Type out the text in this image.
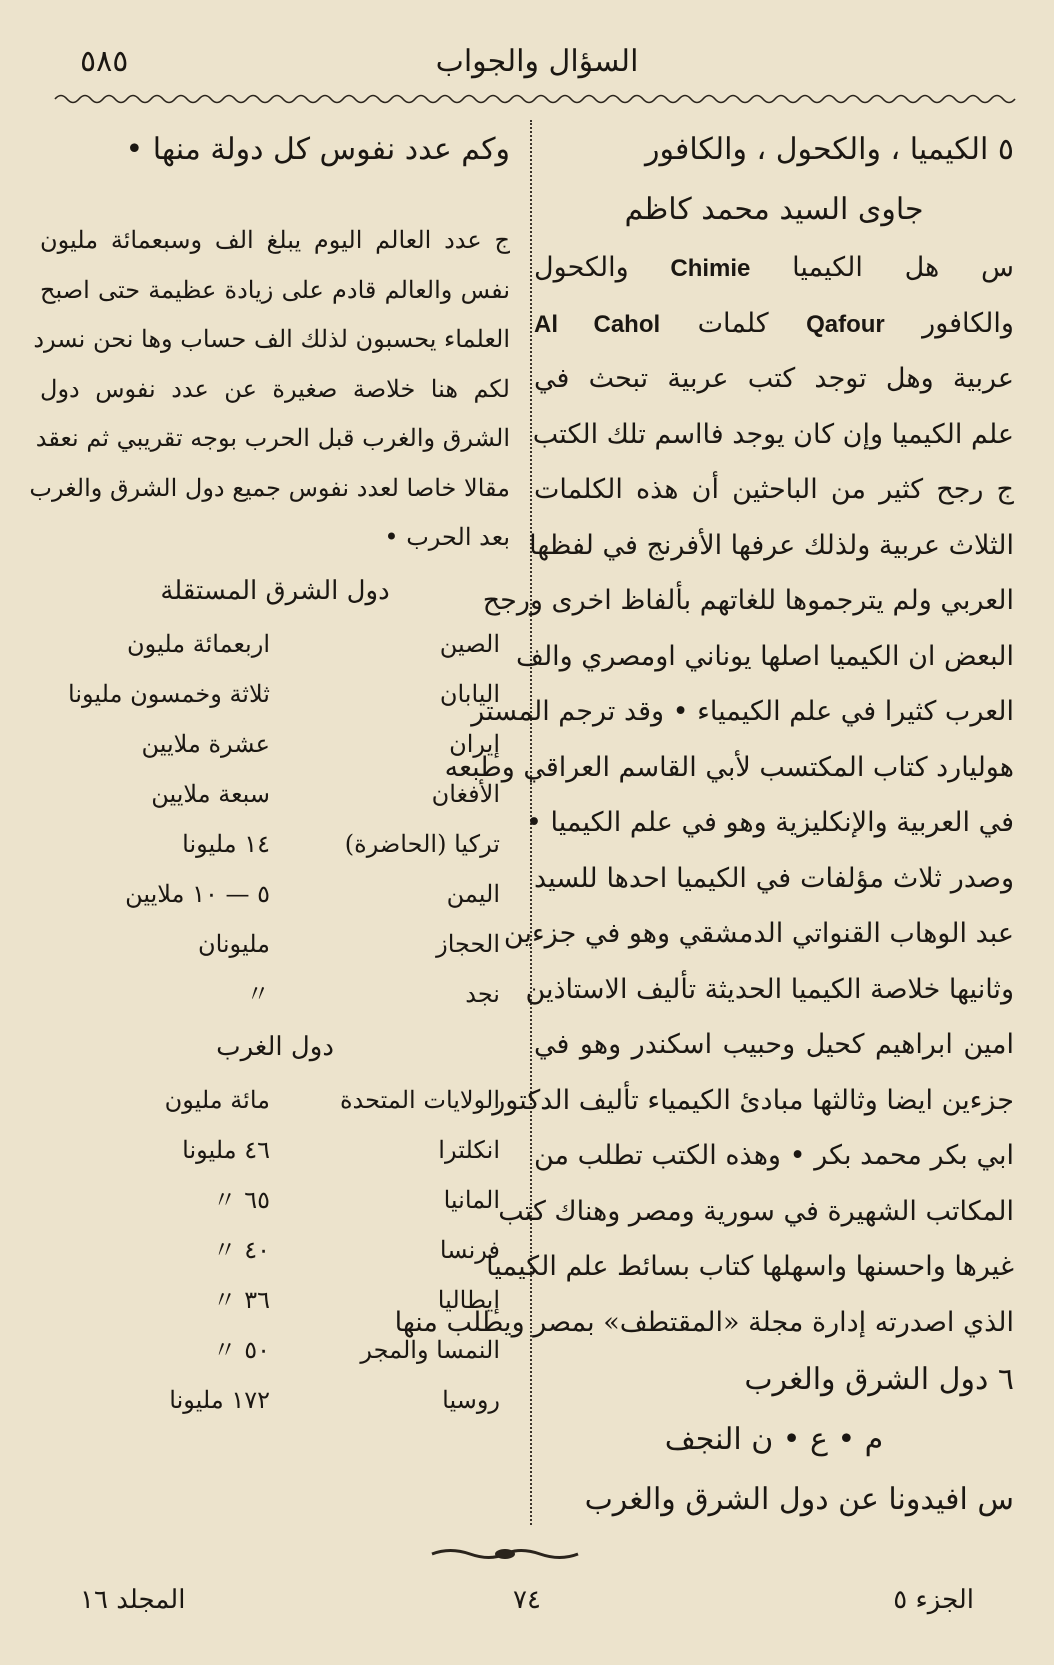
السؤال والجواب
٥٨٥
٥ الكيميا ، والكحول ، والكافور
جاوى السيد محمد كاظم
س هل الكيميا Chimie والكحول
والكافور Qafour كلمات Al Cahol
عربية وهل توجد كتب عربية تبحث في
علم الكيميا وإن كان يوجد فااسم تلك الكتب
ج رجح كثير من الباحثين أن هذه الكلمات
الثلاث عربية ولذلك عرفها الأفرنج في لفظها
العربي ولم يترجموها للغاتهم بألفاظ اخرى ورجح
البعض ان الكيميا اصلها يوناني اومصري والف
العرب كثيرا في علم الكيمياء • وقد ترجم المستر
هوليارد كتاب المكتسب لأبي القاسم العراقي وطبعه
في العربية والإنكليزية وهو في علم الكيميا •
وصدر ثلاث مؤلفات في الكيميا احدها للسيد
عبد الوهاب القنواتي الدمشقي وهو في جزءين
وثانيها خلاصة الكيميا الحديثة تأليف الاستاذين
امين ابراهيم كحيل وحبيب اسكندر وهو في
جزءين ايضا وثالثها مبادئ الكيمياء تأليف الدكتور
ابي بكر محمد بكر • وهذه الكتب تطلب من
المكاتب الشهيرة في سورية ومصر وهناك كتب
غيرها واحسنها واسهلها كتاب بسائط علم الكيميا
الذي اصدرته إدارة مجلة «المقتطف» بمصر ويطلب منها
٦ دول الشرق والغرب
م • ع • ن النجف
س افيدونا عن دول الشرق والغرب
وكم عدد نفوس كل دولة منها •
ج عدد العالم اليوم يبلغ الف وسبعمائة مليون
نفس والعالم قادم على زيادة عظيمة حتى اصبح
العلماء يحسبون لذلك الف حساب وها نحن نسرد
لكم هنا خلاصة صغيرة عن عدد نفوس دول
الشرق والغرب قبل الحرب بوجه تقريبي ثم نعقد
مقالا خاصا لعدد نفوس جميع دول الشرق والغرب
بعد الحرب •
دول الشرق المستقلة
الصين
اربعمائة مليون
اليابان
ثلاثة وخمسون مليونا
إيران
عشرة ملايين
الأفغان
سبعة ملايين
تركيا (الحاضرة)
١٤ مليونا
اليمن
٥ — ١٠ ملايين
الحجاز
مليونان
نجد
〃
دول الغرب
الولايات المتحدة
مائة مليون
انكلترا
٤٦ مليونا
المانيا
٦٥ 〃
فرنسا
٤٠ 〃
إيطاليا
٣٦ 〃
النمسا والمجر
٥٠ 〃
روسيا
١٧٢ مليونا
الجزء ٥
٧٤
المجلد ١٦
